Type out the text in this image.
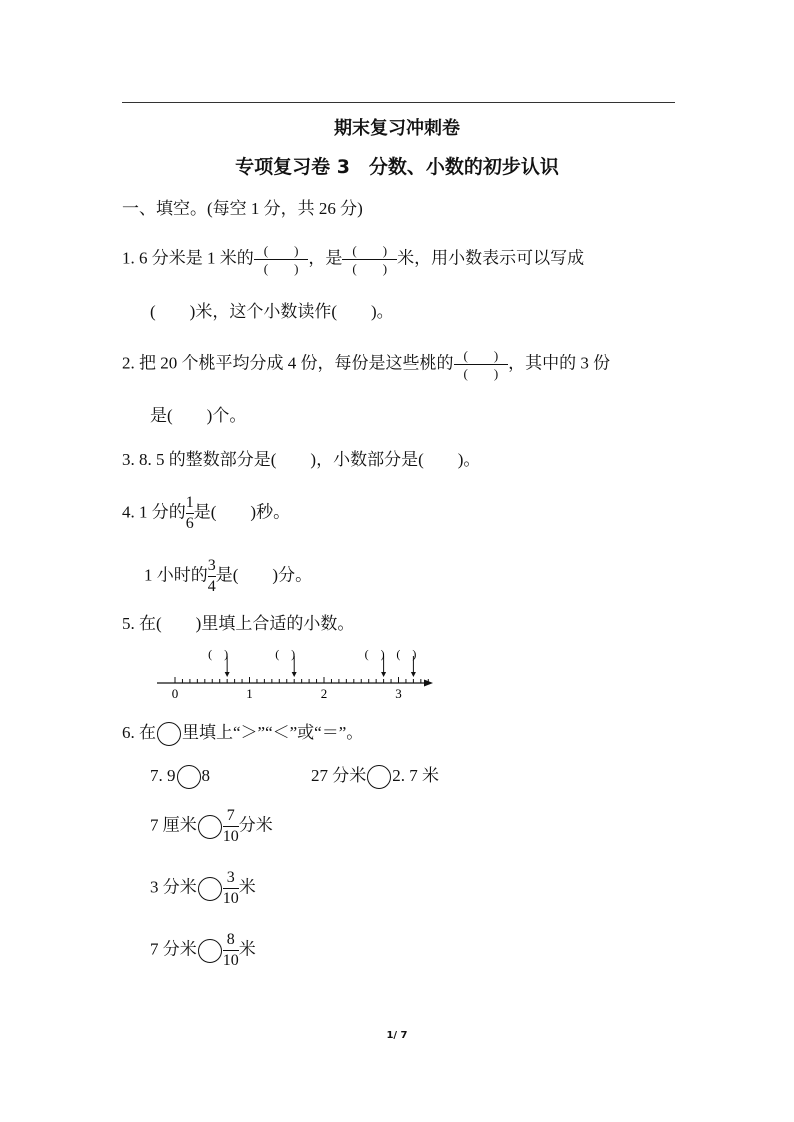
期末复习冲刺卷
专项复习卷 3　分数、小数的初步认识
一、填空。(每空 1 分，共 26 分)
1. 6 分米是 1 米的 $\frac{( )}{( )}$ ，是 $\frac{( )}{( )}$ 米，用小数表示可以写成
(　　)米，这个小数读作(　　)。
2. 把 20 个桃平均分成 4 份，每份是这些桃的 $\frac{( )}{( )}$ ，其中的 3 份
是(　　)个。
3. 8. 5 的整数部分是(　　)，小数部分是(　　)。
4. 1 分的 $\frac{1}{6}$ 是(　　)秒。
1 小时的 $\frac{3}{4}$ 是(　　)分。
5. 在(　　)里填上合适的小数。
0	1	2	3
(　)	(　)	(　) (　)
6. 在 里填上“＞”“＜”或“＝”。
7. 9 8	27 分米 2. 7 米
7 厘米 $\frac{7}{10}$ 分米
3 分米 $\frac{3}{10}$ 米
7 分米 $\frac{8}{10}$ 米
1/ 7
